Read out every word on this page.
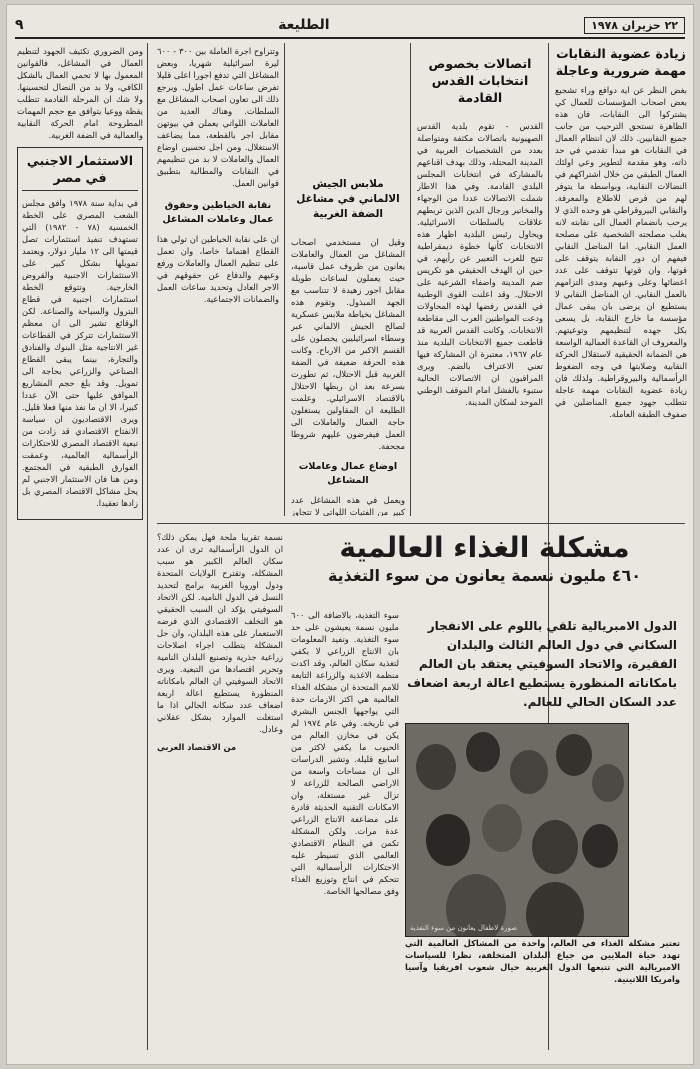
٢٢ حزيران ١٩٧٨
الطليعة
٩
زيادة عضوية النقابات مهمة ضرورية وعاجلة

بغض النظر عن اية دوافع وراء تشجيع بعض اصحاب المؤسسات للعمال كي يشتركوا الى النقابات، فان هذه الظاهرة تستحق الترحيب من جانب جميع النقابيين. ذلك لان انتظام العمال في النقابات هو مبدأ تقدمي في حد ذاته، وهو مقدمة لتطوير وعي اولئك العمال الطبقي من خلال اشتراكهم في النضالات النقابية، وبواسطة ما يتوفر لهم من فرص للاطلاع والمعرفة. والنقابي البيروقراطي هو وحده الذي لا يرحب بانضمام العمال الى نقابته لانه يغلب مصلحته الشخصية على مصلحة العمل النقابي. اما المناضل النقابي فيفهم ان دور النقابة يتوقف على قوتها، وان قوتها تتوقف على عدد اعضائها وعلى وعيهم ومدى التزامهم بالعمل النقابي. ان المناضل النقابي لا يستطيع ان يرضى بان يبقى عمال مؤسسة ما خارج النقابة، بل يسعى بكل جهده لتنظيمهم وتوعيتهم. والمعروف ان القاعدة العمالية الواسعة هي الضمانة الحقيقية لاستقلال الحركة النقابية وصلابتها في وجه الضغوط الرأسمالية والبيروقراطية. ولذلك فان زيادة عضوية النقابات مهمة عاجلة تتطلب جهود جميع المناضلين في صفوف الطبقة العاملة.

اتصالات بخصوص انتخابات القدس القادمة

القدس - تقوم بلدية القدس الصهيونية باتصالات مكثفة ومتواصلة بعدد من الشخصيات العربية في المدينة المحتلة، وذلك بهدف اقناعهم بالمشاركة في انتخابات المجلس البلدي القادمة. وفي هذا الاطار شملت الاتصالات عددا من الوجهاء والمخاتير ورجال الدين الذين تربطهم علاقات بالسلطات الاسرائيلية. ويحاول رئيس البلدية اظهار هذه الانتخابات كأنها خطوة ديمقراطية تتيح للعرب التعبير عن رأيهم، في حين ان الهدف الحقيقي هو تكريس ضم المدينة واضفاء الشرعية على الاحتلال. وقد اعلنت القوى الوطنية في القدس رفضها لهذه المحاولات ودعت المواطنين العرب الى مقاطعة الانتخابات. وكانت القدس العربية قد قاطعت جميع الانتخابات البلدية منذ عام ١٩٦٧، معتبرة ان المشاركة فيها تعني الاعتراف بالضم. ويرى المراقبون ان الاتصالات الحالية ستبوء بالفشل امام الموقف الوطني الموحد لسكان المدينة.

ملابس الجيش الالماني في مشاغل الضفة الغربية

وقيل ان مستخدمي اصحاب المشاغل من العمال والعاملات يعانون من ظروف عمل قاسية، حيث يعملون لساعات طويلة مقابل اجور زهيدة لا تتناسب مع الجهد المبذول. وتقوم هذه المشاغل بخياطة ملابس عسكرية لصالح الجيش الالماني عبر وسطاء اسرائيليين يحصلون على القسم الاكبر من الارباح. وكانت هذه الحرفة ضعيفة في الضفة الغربية قبل الاحتلال، ثم تطورت بسرعة بعد ان ربطها الاحتلال بالاقتصاد الاسرائيلي. وعلمت الطليعة ان المقاولين يستغلون حاجة العمال والعاملات الى العمل فيفرضون عليهم شروطا مجحفة.

اوضاع عمال وعاملات المشاغل

ويعمل في هذه المشاغل عدد كبير من الفتيات اللواتي لا تتجاوز

وتتراوح اجرة العاملة بين ٣٠٠ - ٦٠٠ ليرة اسرائيلية شهريا، وبعض المشاغل التي تدفع اجورا اعلى قليلا تفرض ساعات عمل اطول. ويرجع ذلك الى تعاون اصحاب المشاغل مع السلطات. وهناك العديد من العاملات اللواتي يعملن في بيوتهن مقابل اجر بالقطعة، مما يضاعف الاستغلال. ومن اجل تحسين اوضاع العمال والعاملات لا بد من تنظيمهم في النقابات والمطالبة بتطبيق قوانين العمل.

نقابة الخياطين وحقوق عمال وعاملات المشاغل

ان على نقابة الخياطين ان تولي هذا القطاع اهتماما خاصا، وان تعمل على تنظيم العمال والعاملات ورفع وعيهم والدفاع عن حقوقهم في الاجر العادل وتحديد ساعات العمل والضمانات الاجتماعية.

ومن الضروري تكثيف الجهود لتنظيم العمال في المشاغل، فالقوانين المعمول بها لا تحمي العمال بالشكل الكافي، ولا بد من النضال لتحسينها. ولا شك ان المرحلة القادمة تتطلب يقظة ووعيا يتوافق مع حجم المهمات المطروحة امام الحركة النقابية والعمالية في الضفة الغربية.

الاستثمار الاجنبي في مصر

في بداية سنة ١٩٧٨ وافق مجلس الشعب المصري على الخطة الخمسية (٧٨ - ١٩٨٢) التي تستهدف تنفيذ استثمارات تصل قيمتها الى ١٢ مليار دولار، ويعتمد تمويلها بشكل كبير على الاستثمارات الاجنبية والقروض الخارجية. وتتوقع الخطة استثمارات اجنبية في قطاع البترول والسياحة والصناعة. لكن الوقائع تشير الى ان معظم الاستثمارات تتركز في القطاعات غير الانتاجية مثل البنوك والفنادق والتجارة، بينما يبقى القطاع الصناعي والزراعي بحاجة الى تمويل. وقد بلغ حجم المشاريع الموافق عليها حتى الآن عددا كبيرا، الا ان ما نفذ منها فعلا قليل. ويرى الاقتصاديون ان سياسة الانفتاح الاقتصادي قد زادت من تبعية الاقتصاد المصري للاحتكارات الرأسمالية العالمية، وعمقت الفوارق الطبقية في المجتمع. ومن هنا فان الاستثمار الاجنبي لم يحل مشاكل الاقتصاد المصري بل زادها تعقيدا.

مشكلة الغذاء العالمية
٤٦٠ مليون نسمة يعانون من سوء التغذية
الدول الامبريالية تلقي باللوم على الانفجار السكاني في دول العالم الثالث والبلدان الفقيرة، والاتحاد السوفيتي يعتقد بان العالم بامكاناته المنظورة يستطيع اعالة اربعة اضعاف عدد السكان الحالي للعالم.

سوء التغذية، بالاضافة الى ٦٠٠ مليون نسمة يعيشون على حد سوء التغذية. وتفيد المعلومات بان الانتاج الزراعي لا يكفي لتغذية سكان العالم، وقد اكدت منظمة الاغذية والزراعة التابعة للامم المتحدة ان مشكلة الغذاء العالمية هي اكثر الازمات حدة التي يواجهها الجنس البشري في تاريخه. وفي عام ١٩٧٤ لم يكن في مخازن العالم من الحبوب ما يكفي لاكثر من اسابيع قليلة. وتشير الدراسات الى ان مساحات واسعة من الاراضي الصالحة للزراعة لا تزال غير مستغلة، وان الامكانات التقنية الحديثة قادرة على مضاعفة الانتاج الزراعي عدة مرات. ولكن المشكلة تكمن في النظام الاقتصادي العالمي الذي تسيطر عليه الاحتكارات الرأسمالية التي تتحكم في انتاج وتوزيع الغذاء وفق مصالحها الخاصة.

نسمة تقريبا ملحة فهل يمكن ذلك؟ ان الدول الرأسمالية ترى ان عدد سكان العالم الكبير هو سبب المشكلة، وتقترح الولايات المتحدة ودول اوروبا الغربية برامج لتحديد النسل في الدول النامية. لكن الاتحاد السوفيتي يؤكد ان السبب الحقيقي هو التخلف الاقتصادي الذي فرضه الاستعمار على هذه البلدان، وان حل المشكلة يتطلب اجراء اصلاحات زراعية جذرية وتصنيع البلدان النامية وتحرير اقتصادها من التبعية. ويرى الاتحاد السوفيتي ان العالم بامكاناته المنظورة يستطيع اعالة اربعة اضعاف عدد سكانه الحالي اذا ما استغلت الموارد بشكل عقلاني وعادل.

من الاقتصاد العربي
صورة لاطفال يعانون من سوء التغذية
تعتبر مشكلة الغذاء في العالم، واحدة من المشاكل العالمية التي تهدد حياة الملايين من جياع البلدان المتخلفة، نظرا للسياسات الامبريالية التي تتبعها الدول الغربية حيال شعوب افريقيا وآسيا وامريكا اللاتينية.
